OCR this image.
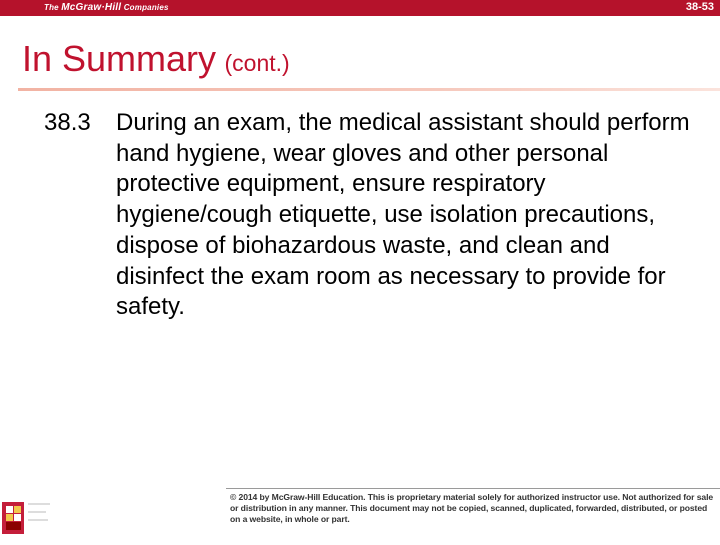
The McGraw·Hill Companies	38-53
In Summary (cont.)
38.3 During an exam, the medical assistant should perform hand hygiene, wear gloves and other personal protective equipment, ensure respiratory hygiene/cough etiquette, use isolation precautions, dispose of biohazardous waste, and clean and disinfect the exam room as necessary to provide for safety.
© 2014 by McGraw-Hill Education. This is proprietary material solely for authorized instructor use. Not authorized for sale or distribution in any manner. This document may not be copied, scanned, duplicated, forwarded, distributed, or posted on a website, in whole or part.
